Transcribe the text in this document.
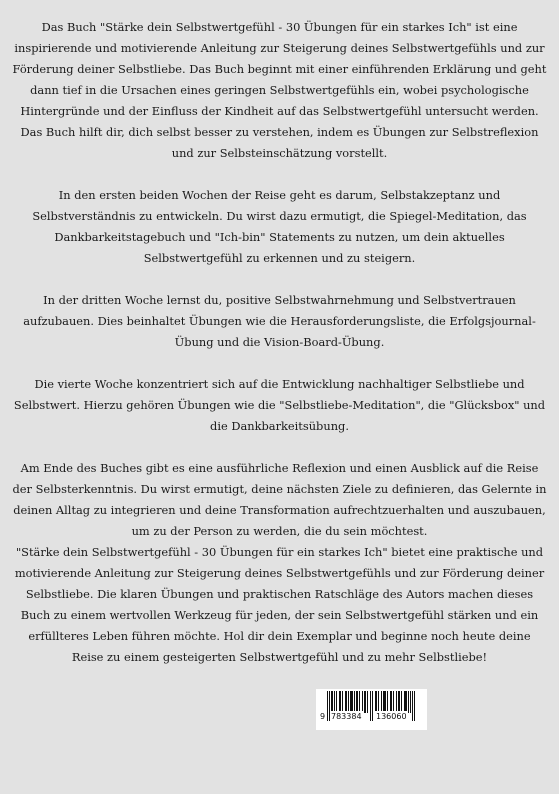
Das Buch "Stärke dein Selbstwertgefühl - 30 Übungen für ein starkes Ich" ist eine inspirierende und motivierende Anleitung zur Steigerung deines Selbstwertgefühls und zur Förderung deiner Selbstliebe. Das Buch beginnt mit einer einführenden Erklärung und geht dann tief in die Ursachen eines geringen Selbstwertgefühls ein, wobei psychologische Hintergründe und der Einfluss der Kindheit auf das Selbstwertgefühl untersucht werden.

Das Buch hilft dir, dich selbst besser zu verstehen, indem es Übungen zur Selbstreflexion und zur Selbsteinschätzung vorstellt.

In den ersten beiden Wochen der Reise geht es darum, Selbstakzeptanz und Selbstverständnis zu entwickeln. Du wirst dazu ermutigt, die Spiegel-Meditation, das Dankbarkeitstagebuch und "Ich-bin" Statements zu nutzen, um dein aktuelles Selbstwertgefühl zu erkennen und zu steigern.

In der dritten Woche lernst du, positive Selbstwahrnehmung und Selbstvertrauen aufzubauen. Dies beinhaltet Übungen wie die Herausforderungsliste, die Erfolgsjournal-Übung und die Vision-Board-Übung.

Die vierte Woche konzentriert sich auf die Entwicklung nachhaltiger Selbstliebe und Selbstwert. Hierzu gehören Übungen wie die "Selbstliebe-Meditation", die "Glücksbox" und die Dankbarkeitsübung.

Am Ende des Buches gibt es eine ausführliche Reflexion und einen Ausblick auf die Reise der Selbsterkenntnis. Du wirst ermutigt, deine nächsten Ziele zu definieren, das Gelernte in deinen Alltag zu integrieren und deine Transformation aufrechtzuerhalten und auszubauen, um zu der Person zu werden, die du sein möchtest.

"Stärke dein Selbstwertgefühl - 30 Übungen für ein starkes Ich" bietet eine praktische und motivierende Anleitung zur Steigerung deines Selbstwertgefühls und zur Förderung deiner Selbstliebe. Die klaren Übungen und praktischen Ratschläge des Autors machen dieses Buch zu einem wertvollen Werkzeug für jeden, der sein Selbstwertgefühl stärken und ein erfüllteres Leben führen möchte. Hol dir dein Exemplar und beginne noch heute deine Reise zu einem gesteigerten Selbstwertgefühl und zu mehr Selbstliebe!

9 783384 136060
